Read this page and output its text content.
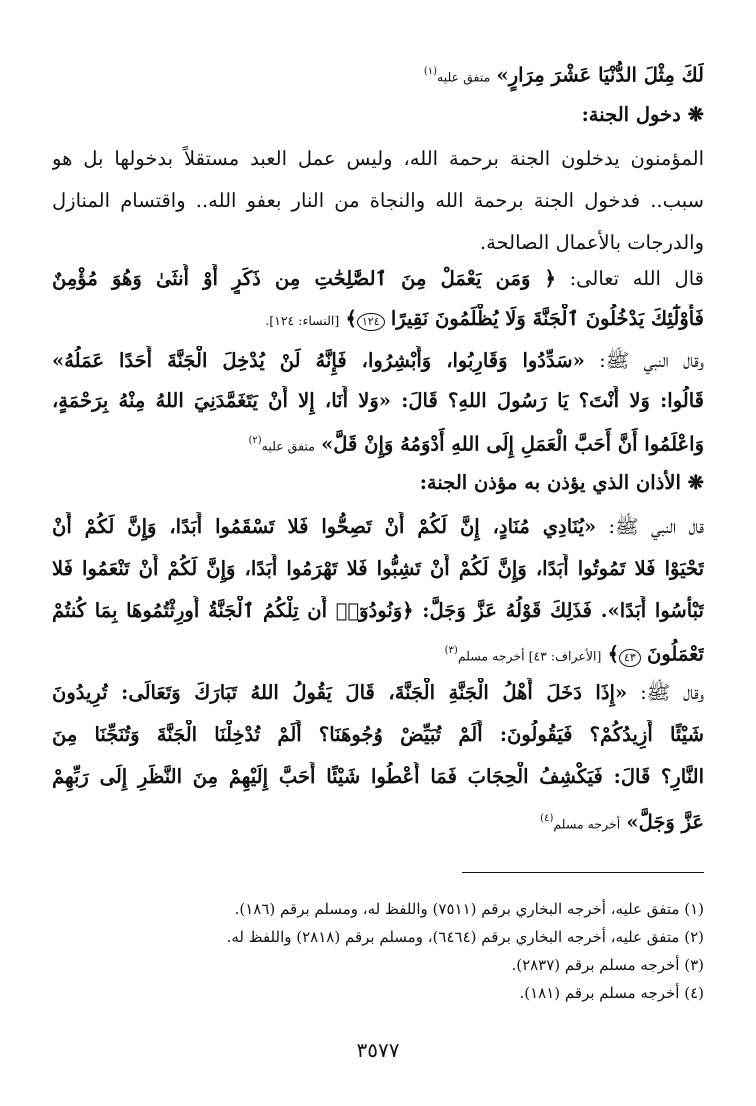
لَكَ مِثْلَ الدُّنْيَا عَشْرَ مِرَارٍ» متفق عليه$^{(١)}$
❋ دخول الجنة:
المؤمنون يدخلون الجنة برحمة الله، وليس عمل العبد مستقلاً بدخولها بل هو
سبب.. فدخول الجنة برحمة الله والنجاة من النار بعفو الله.. واقتسام المنازل
والدرجات بالأعمال الصالحة.
قال الله تعالى: ﴿ وَمَن يَعْمَلْ مِنَ ٱلصَّٰلِحَٰتِ مِن ذَكَرٍ أَوْ أُنثَىٰ وَهُوَ مُؤْمِنٌ
فَأُوْلَٰٓئِكَ يَدْخُلُونَ ٱلْجَنَّةَ وَلَا يُظْلَمُونَ نَقِيرًا ١٢٤﴾ [النساء: ١٢٤].
وقال النبي ﷺ: «سَدِّدُوا وَقَارِبُوا، وَأَبْشِرُوا، فَإِنَّهُ لَنْ يُدْخِلَ الْجَنَّةَ أَحَدًا عَمَلُهُ»
قَالُوا: وَلا أَنْتَ؟ يَا رَسُولَ اللهِ؟ قَالَ: «وَلا أَنَا، إِلا أَنْ يَتَغَمَّدَنِيَ اللهُ مِنْهُ بِرَحْمَةٍ،
وَاعْلَمُوا أَنَّ أَحَبَّ الْعَمَلِ إِلَى اللهِ أَدْوَمُهُ وَإِنْ قَلَّ» متفق عليه$^{(٢)}$
❋ الأذان الذي يؤذن به مؤذن الجنة:
قال النبي ﷺ: «يُنَادِي مُنَادٍ، إِنَّ لَكُمْ أَنْ تَصِحُّوا فَلا تَسْقَمُوا أَبَدًا، وَإِنَّ لَكُمْ أَنْ
تَحْيَوْا فَلا تَمُوتُوا أَبَدًا، وَإِنَّ لَكُمْ أَنْ تَشِبُّوا فَلا تَهْرَمُوا أَبَدًا، وَإِنَّ لَكُمْ أَنْ تَنْعَمُوا فَلا
تَبْأَسُوا أَبَدًا». فَذَلِكَ قَوْلُهُ عَزَّ وَجَلَّ: ﴿وَنُودُوٓا۟ أَن تِلْكُمُ ٱلْجَنَّةُ أُورِثْتُمُوهَا بِمَا كُنتُمْ
تَعْمَلُونَ ٤٣﴾ [الأعراف: ٤٣] أخرجه مسلم$^{(٣)}$
وقال ﷺ: «إِذَا دَخَلَ أَهْلُ الْجَنَّةِ الْجَنَّةَ، قَالَ يَقُولُ اللهُ تَبَارَكَ وَتَعَالَى: تُرِيدُونَ
شَيْئًا أَزِيدُكُمْ؟ فَيَقُولُونَ: أَلَمْ تُبَيِّضْ وُجُوهَنَا؟ أَلَمْ تُدْخِلْنَا الْجَنَّةَ وَتُنَجِّنَا مِنَ
النَّارِ؟ قَالَ: فَيَكْشِفُ الْحِجَابَ فَمَا أُعْطُوا شَيْئًا أَحَبَّ إِلَيْهِمْ مِنَ النَّظَرِ إِلَى رَبِّهِمْ
عَزَّ وَجَلَّ» أخرجه مسلم$^{(٤)}$
(١) متفق عليه، أخرجه البخاري برقم (٧٥١١) واللفظ له، ومسلم برقم (١٨٦).
(٢) متفق عليه، أخرجه البخاري برقم (٦٤٦٤)، ومسلم برقم (٢٨١٨) واللفظ له.
(٣) أخرجه مسلم برقم (٢٨٣٧).
(٤) أخرجه مسلم برقم (١٨١).
٣٥٧٧
